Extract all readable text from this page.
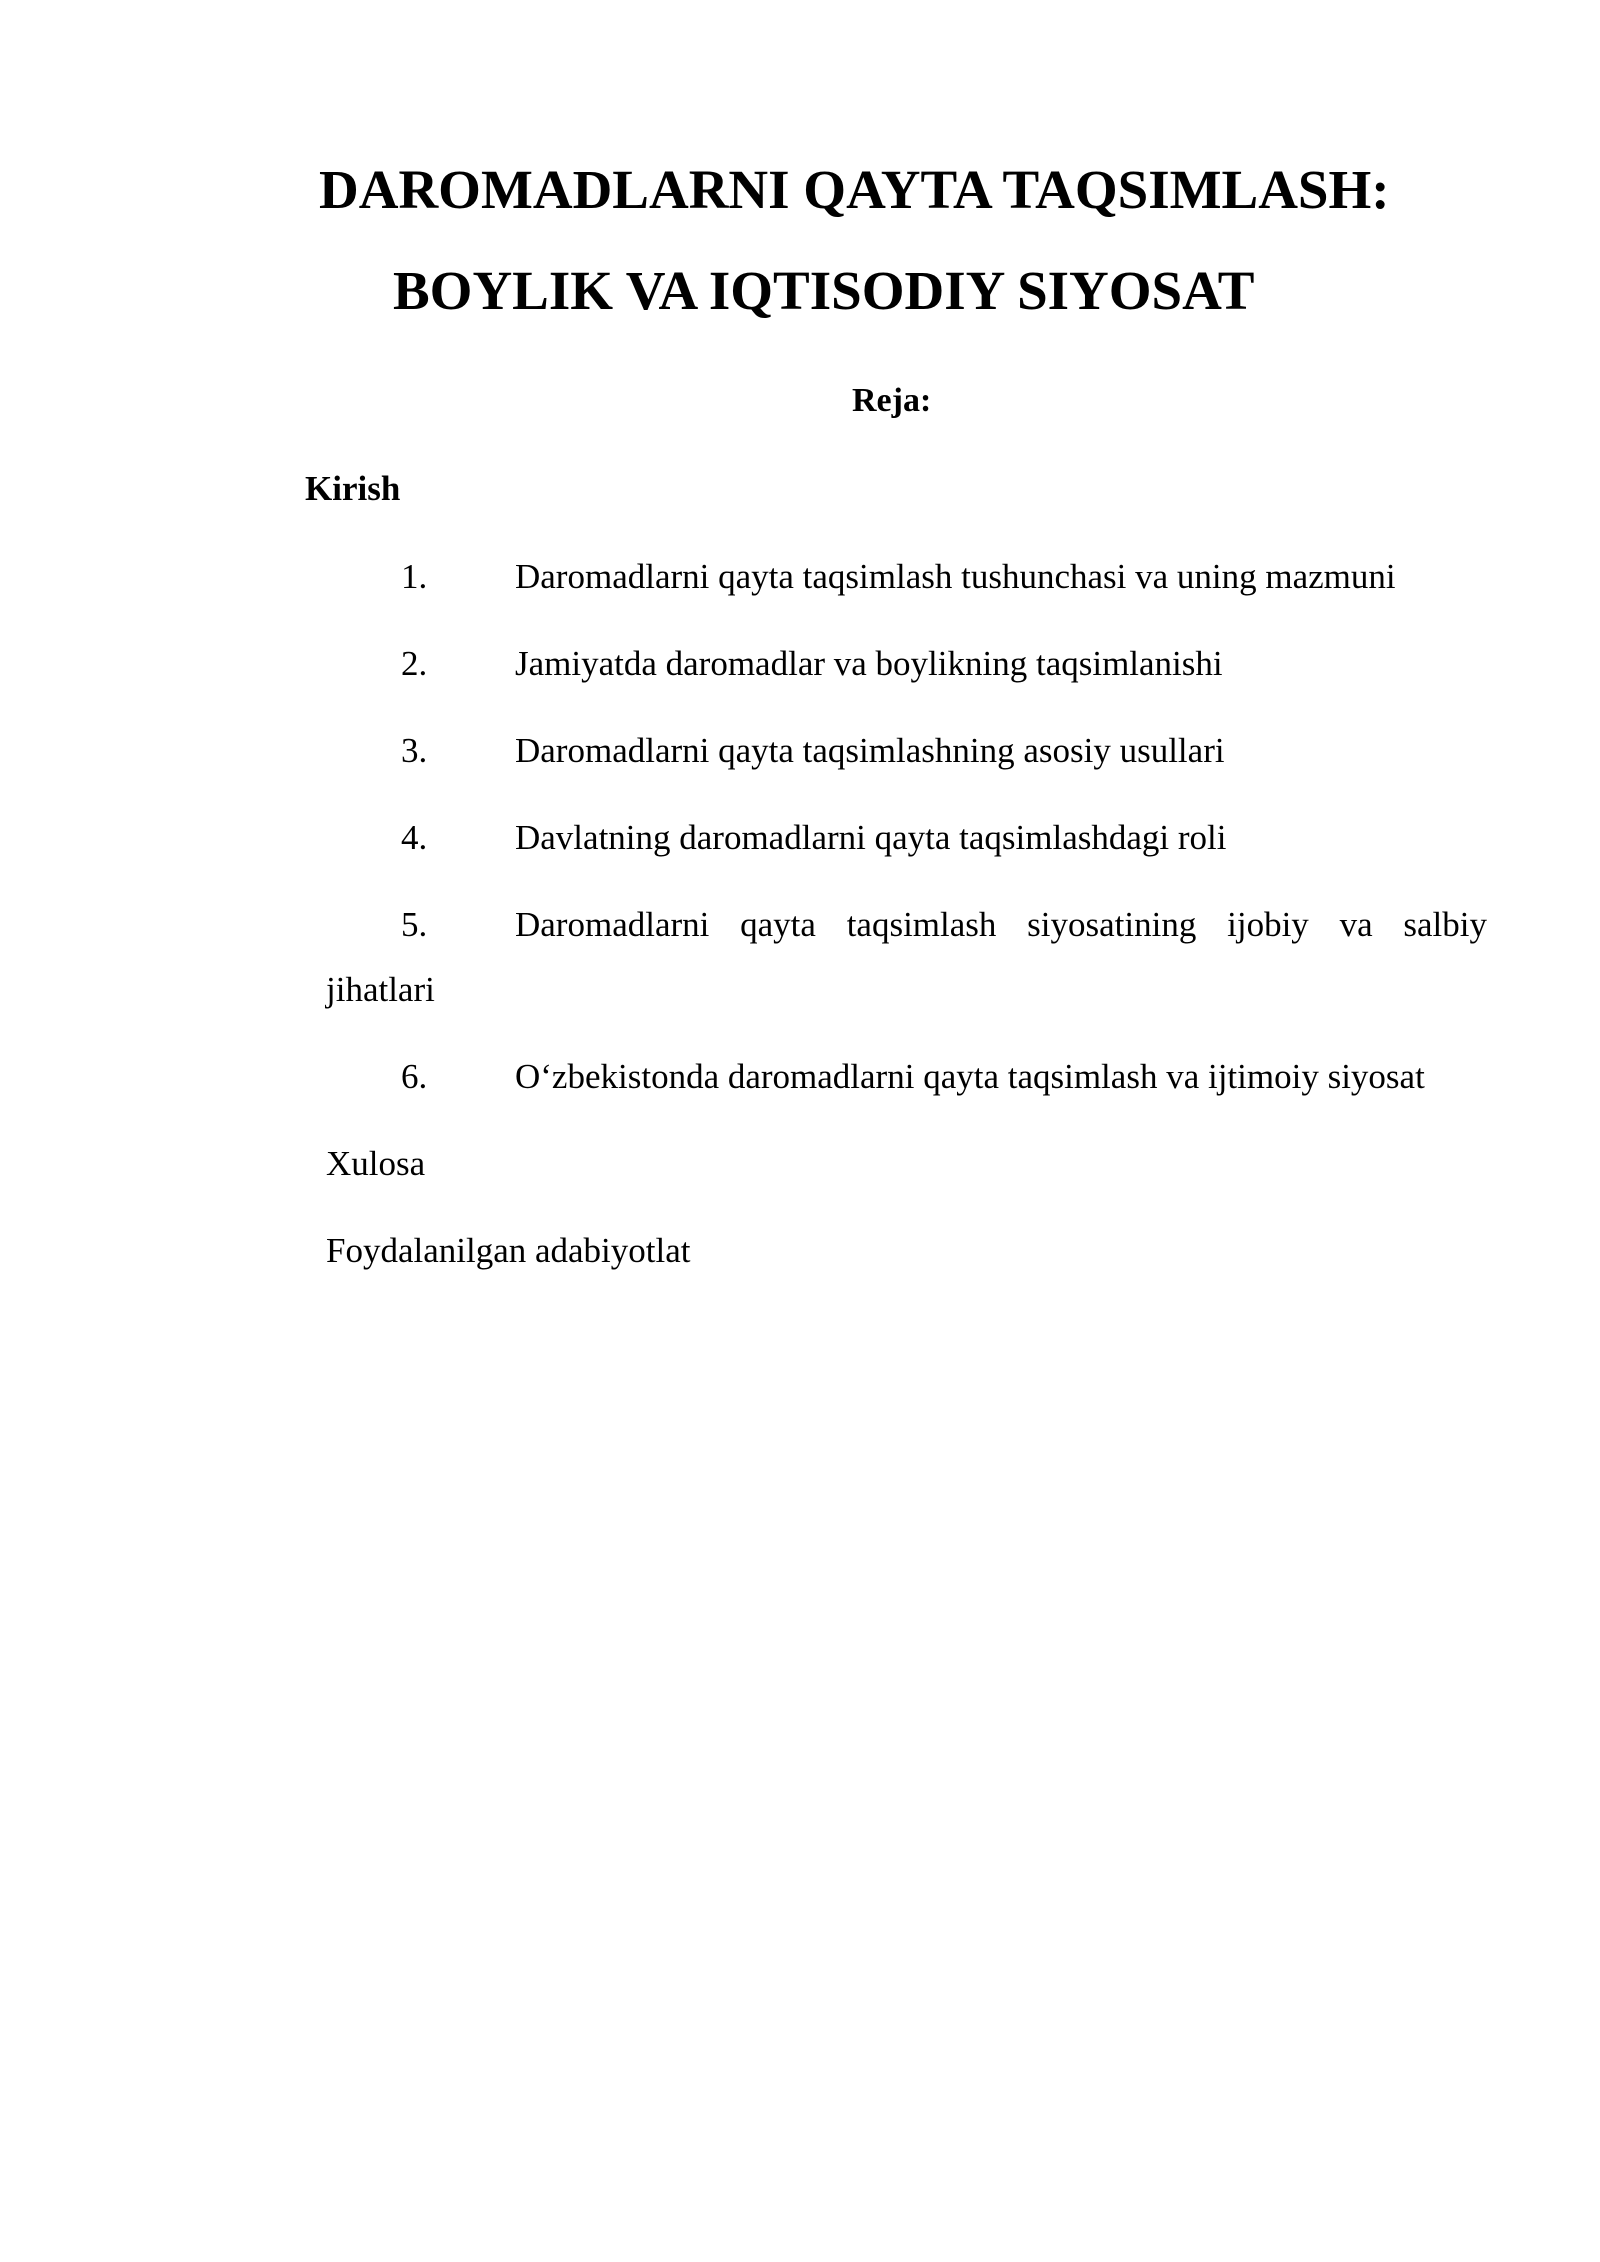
DAROMADLARNI QAYTA TAQSIMLASH:
BOYLIK VA IQTISODIY SIYOSAT
Reja:
Kirish
1.	Daromadlarni qayta taqsimlash tushunchasi va uning mazmuni
2.	Jamiyatda daromadlar va boylikning taqsimlanishi
3.	Daromadlarni qayta taqsimlashning asosiy usullari
4.	Davlatning daromadlarni qayta taqsimlashdagi roli
5.	Daromadlarni qayta taqsimlash siyosatining ijobiy va salbiy
jihatlari
6.	O‘zbekistonda daromadlarni qayta taqsimlash va ijtimoiy siyosat
Xulosa
Foydalanilgan adabiyotlat
